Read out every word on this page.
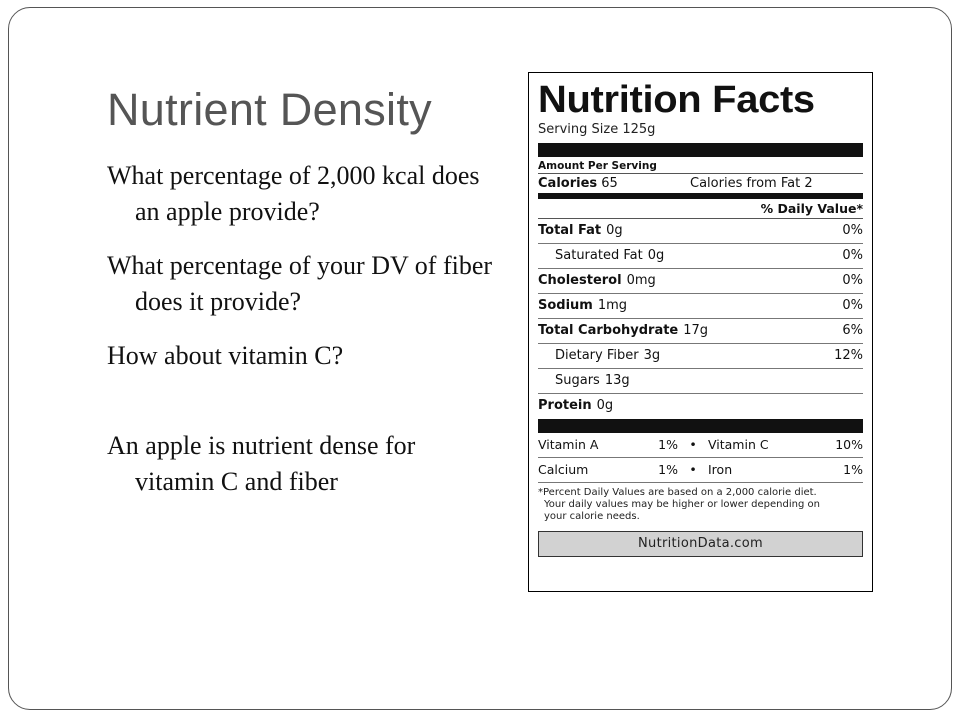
Nutrient Density

What percentage of 2,000 kcal does an apple provide?

What percentage of your DV of fiber does it provide?

How about vitamin C?

An apple is nutrient dense for vitamin C and fiber

Nutrition Facts
Serving Size 125g
Amount Per Serving
Calories 65	Calories from Fat 2
% Daily Value*
Total Fat 0g	0%
Saturated Fat 0g	0%
Cholesterol 0mg	0%
Sodium 1mg	0%
Total Carbohydrate 17g	6%
Dietary Fiber 3g	12%
Sugars 13g
Protein 0g
Vitamin A	1% • Vitamin C	10%
Calcium	1% • Iron	1%
*Percent Daily Values are based on a 2,000 calorie diet.
Your daily values may be higher or lower depending on
your calorie needs.
NutritionData.com
